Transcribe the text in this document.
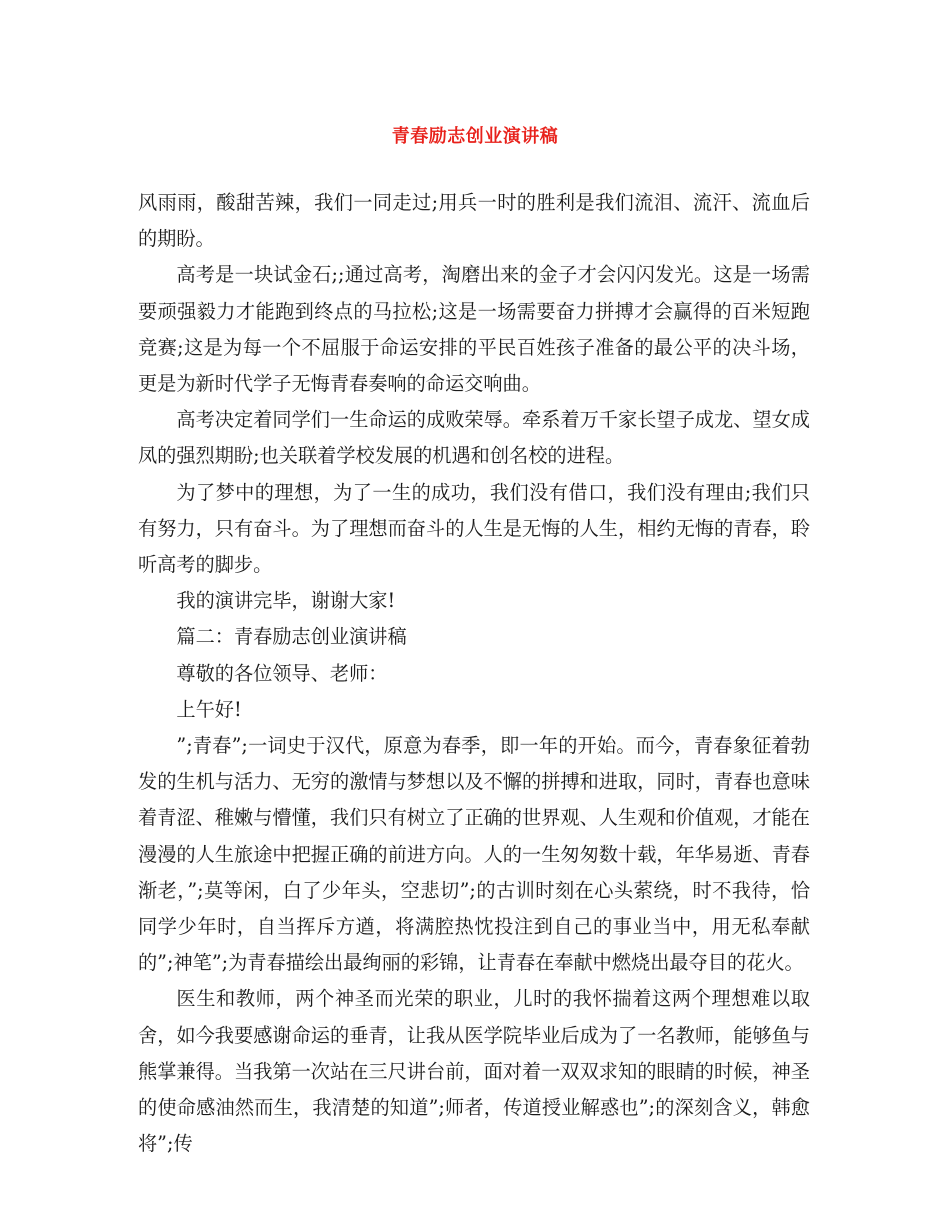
青春励志创业演讲稿

风雨雨，酸甜苦辣，我们一同走过;用兵一时的胜利是我们流泪、流汗、流血后的期盼。

高考是一块试金石;;通过高考，淘磨出来的金子才会闪闪发光。这是一场需要顽强毅力才能跑到终点的马拉松;这是一场需要奋力拼搏才会赢得的百米短跑竞赛;这是为每一个不屈服于命运安排的平民百姓孩子准备的最公平的决斗场，更是为新时代学子无悔青春奏响的命运交响曲。

高考决定着同学们一生命运的成败荣辱。牵系着万千家长望子成龙、望女成凤的强烈期盼;也关联着学校发展的机遇和创名校的进程。

为了梦中的理想，为了一生的成功，我们没有借口，我们没有理由;我们只有努力，只有奋斗。为了理想而奋斗的人生是无悔的人生，相约无悔的青春，聆听高考的脚步。

我的演讲完毕，谢谢大家!

篇二：青春励志创业演讲稿

尊敬的各位领导、老师：

上午好!

”;青春”;一词史于汉代，原意为春季，即一年的开始。而今，青春象征着勃发的生机与活力、无穷的激情与梦想以及不懈的拼搏和进取，同时，青春也意味着青涩、稚嫩与懵懂，我们只有树立了正确的世界观、人生观和价值观，才能在漫漫的人生旅途中把握正确的前进方向。人的一生匆匆数十载，年华易逝、青春渐老，”;莫等闲，白了少年头，空悲切”;的古训时刻在心头萦绕，时不我待，恰同学少年时，自当挥斥方遒，将满腔热忱投注到自己的事业当中，用无私奉献的”;神笔”;为青春描绘出最绚丽的彩锦，让青春在奉献中燃烧出最夺目的花火。

医生和教师，两个神圣而光荣的职业，儿时的我怀揣着这两个理想难以取舍，如今我要感谢命运的垂青，让我从医学院毕业后成为了一名教师，能够鱼与熊掌兼得。当我第一次站在三尺讲台前，面对着一双双求知的眼睛的时候，神圣的使命感油然而生，我清楚的知道”;师者，传道授业解惑也”;的深刻含义，韩愈将”;传
